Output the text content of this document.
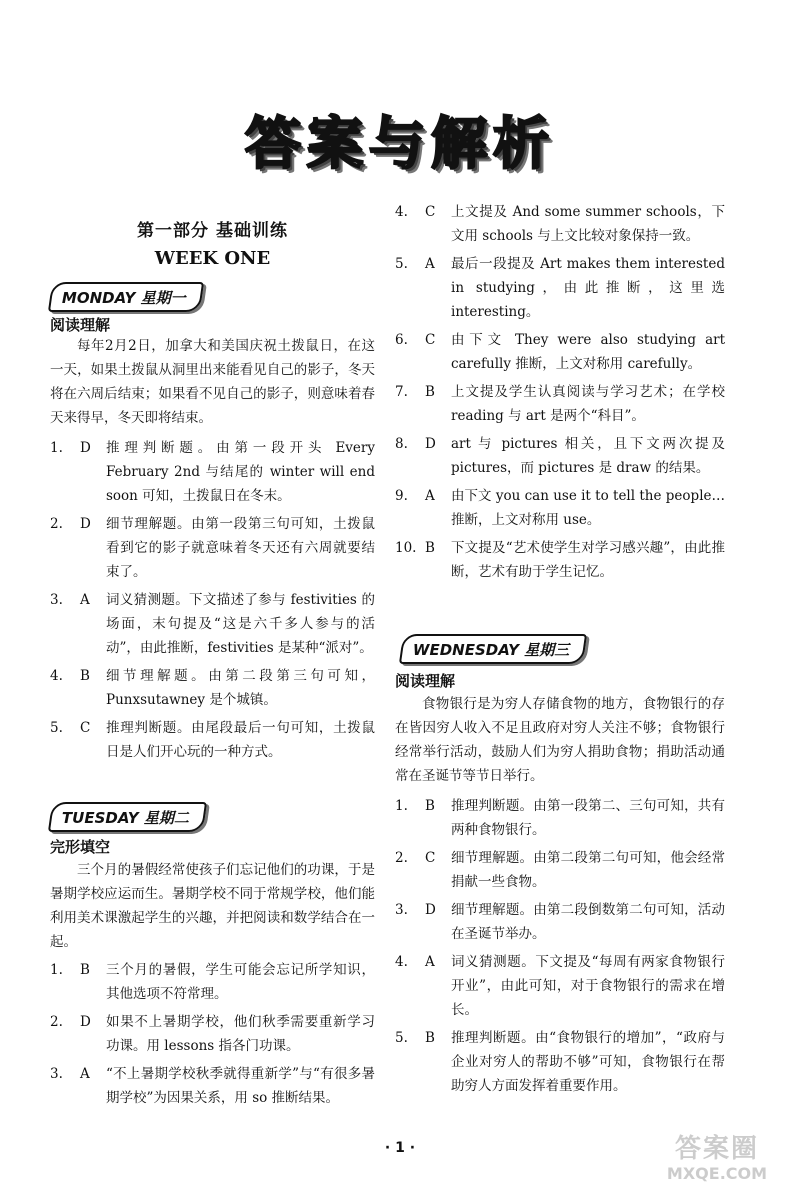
答案与解析
第一部分 基础训练
WEEK ONE
MONDAY 星期一
阅读理解
每年2月2日，加拿大和美国庆祝土拨鼠日，在这一天，如果土拨鼠从洞里出来能看见自己的影子，冬天将在六周后结束；如果看不见自己的影子，则意味着春天来得早，冬天即将结束。
1.	D	推理判断题。由第一段开头 Every February 2nd 与结尾的 winter will end soon 可知，土拨鼠日在冬末。
2.	D	细节理解题。由第一段第三句可知，土拨鼠看到它的影子就意味着冬天还有六周就要结束了。
3.	A	词义猜测题。下文描述了参与 festivities 的场面，末句提及“这是六千多人参与的活动”，由此推断，festivities 是某种“派对”。
4.	B	细节理解题。由第二段第三句可知，Punxsutawney 是个城镇。
5.	C	推理判断题。由尾段最后一句可知，土拨鼠日是人们开心玩的一种方式。
TUESDAY 星期二
完形填空
三个月的暑假经常使孩子们忘记他们的功课，于是暑期学校应运而生。暑期学校不同于常规学校，他们能利用美术课激起学生的兴趣，并把阅读和数学结合在一起。
1.	B	三个月的暑假，学生可能会忘记所学知识，其他选项不符常理。
2.	D	如果不上暑期学校，他们秋季需要重新学习功课。用 lessons 指各门功课。
3.	A	“不上暑期学校秋季就得重新学”与“有很多暑期学校”为因果关系，用 so 推断结果。
4.	C	上文提及 And some summer schools，下文用 schools 与上文比较对象保持一致。
5.	A	最后一段提及 Art makes them interested in studying，由此推断，这里选 interesting。
6.	C	由下文 They were also studying art carefully 推断，上文对称用 carefully。
7.	B	上文提及学生认真阅读与学习艺术；在学校 reading 与 art 是两个“科目”。
8.	D	art 与 pictures 相关，且下文两次提及 pictures，而 pictures 是 draw 的结果。
9.	A	由下文 you can use it to tell the people… 推断，上文对称用 use。
10. B	下文提及“艺术使学生对学习感兴趣”，由此推断，艺术有助于学生记忆。
WEDNESDAY 星期三
阅读理解
食物银行是为穷人存储食物的地方，食物银行的存在皆因穷人收入不足且政府对穷人关注不够；食物银行经常举行活动，鼓励人们为穷人捐助食物；捐助活动通常在圣诞节等节日举行。
1.	B	推理判断题。由第一段第二、三句可知，共有两种食物银行。
2.	C	细节理解题。由第二段第二句可知，他会经常捐献一些食物。
3.	D	细节理解题。由第二段倒数第二句可知，活动在圣诞节举办。
4.	A	词义猜测题。下文提及“每周有两家食物银行开业”，由此可知，对于食物银行的需求在增长。
5.	B	推理判断题。由“食物银行的增加”，“政府与企业对穷人的帮助不够”可知，食物银行在帮助穷人方面发挥着重要作用。
· 1 ·	答案圈
MXQE.COM
